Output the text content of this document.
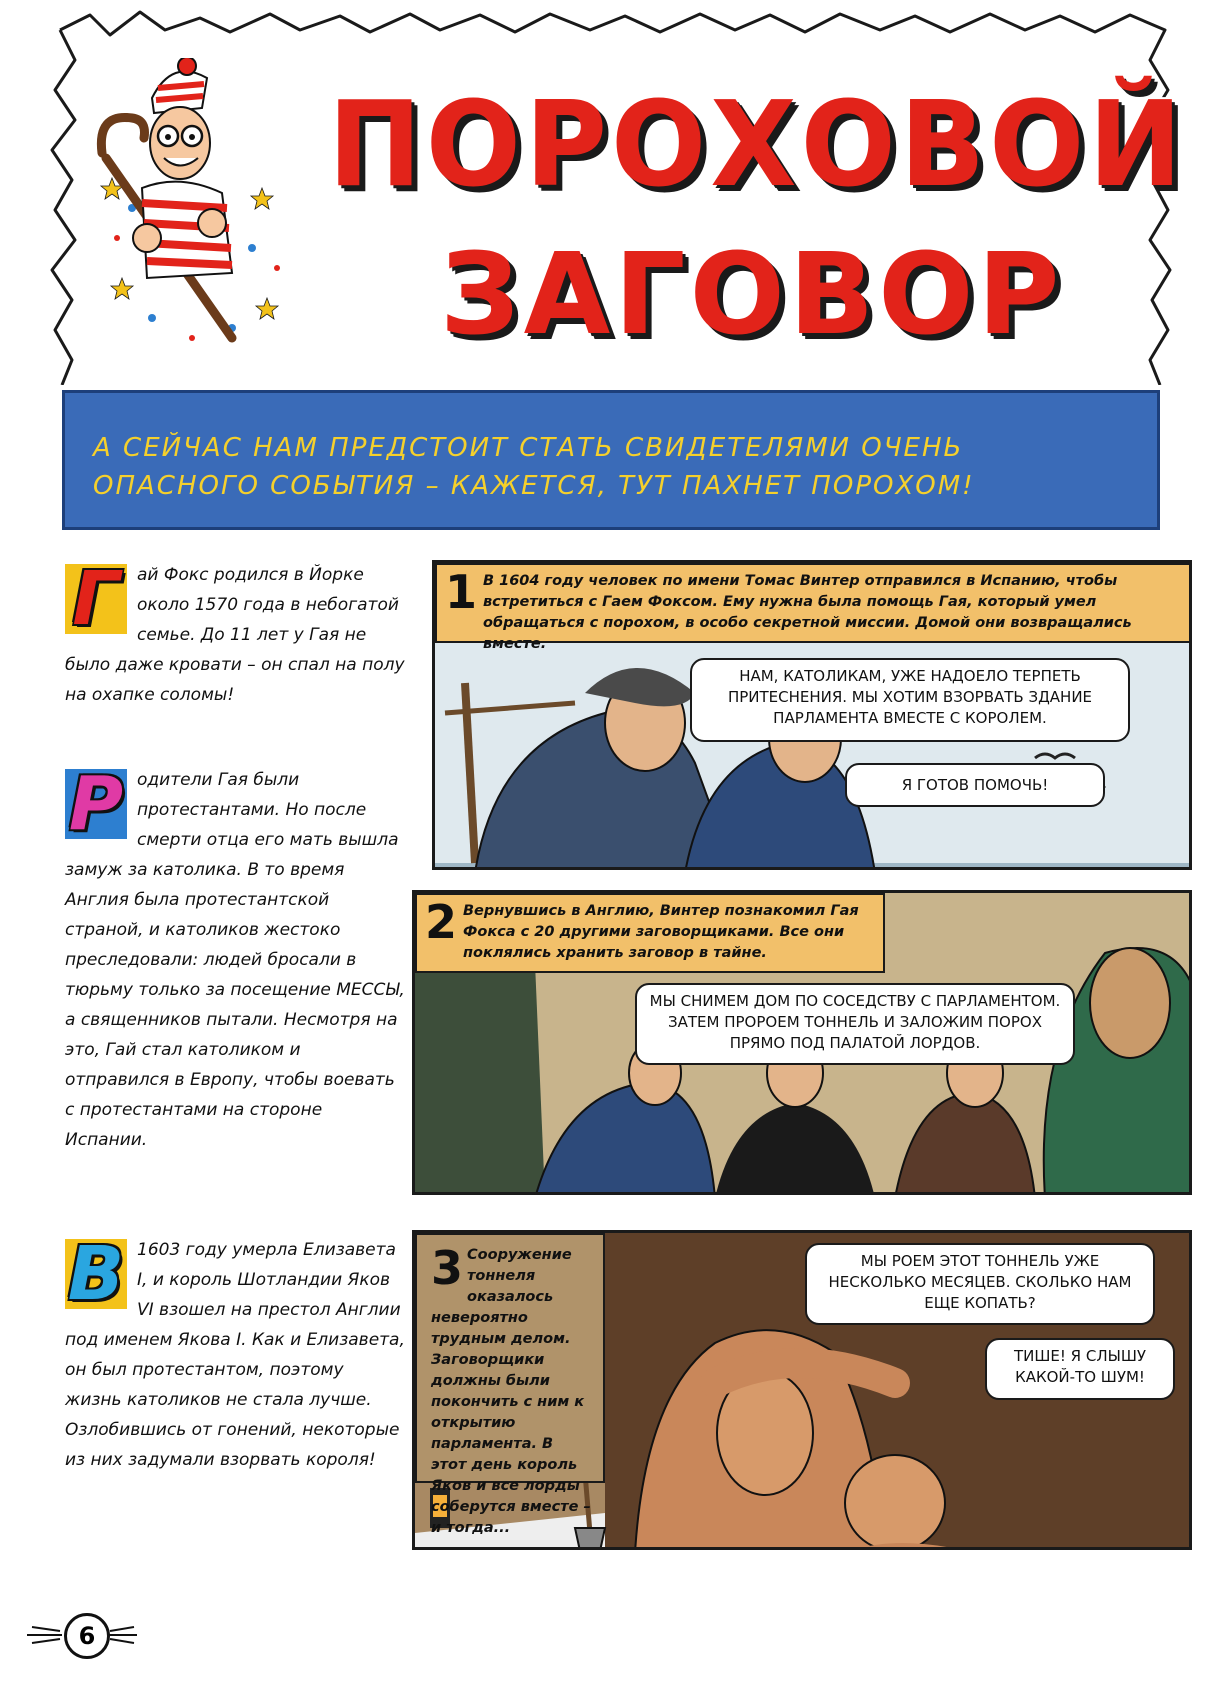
ПОРОХОВОЙ
ЗАГОВОР
А СЕЙЧАС НАМ ПРЕДСТОИТ СТАТЬ СВИДЕТЕЛЯМИ ОЧЕНЬ ОПАСНОГО СОБЫТИЯ – КАЖЕТСЯ, ТУТ ПАХНЕТ ПОРОХОМ!
Г	ай Фокс родился в Йорке около 1570 года в небогатой семье. До 11 лет у Гая не было даже кровати – он спал на полу на охапке соломы!
Р одители Гая были протестантами. Но после смерти отца его мать вышла замуж за католика. В то время Англия была протестантской страной, и католиков жестоко преследовали: людей бросали в тюрьму только за посещение МЕССЫ, а священников пытали. Несмотря на это, Гай стал католиком и отправился в Европу, чтобы воевать с протестантами на стороне Испании.
В 1603 году умерла Елизавета I, и король Шотландии Яков VI взошел на престол Англии под именем Якова I. Как и Елизавета, он был протестантом, поэтому жизнь католиков не стала лучше. Озлобившись от гонений, некоторые из них задумали взорвать короля!
1 В 1604 году человек по имени Томас Винтер отправился в Испанию, чтобы встретиться с Гаем Фоксом. Ему нужна была помощь Гая, который умел обращаться с порохом, в особо секретной миссии. Домой они возвращались вместе.
НАМ, КАТОЛИКАМ, УЖЕ НАДОЕЛО ТЕРПЕТЬ ПРИТЕСНЕНИЯ. МЫ ХОТИМ ВЗОРВАТЬ ЗДАНИЕ ПАРЛАМЕНТА ВМЕСТЕ С КОРОЛЕМ.
Я ГОТОВ ПОМОЧЬ!
2 Вернувшись в Англию, Винтер познакомил Гая Фокса с 20 другими заговорщиками. Все они поклялись хранить заговор в тайне.
МЫ СНИМЕМ ДОМ ПО СОСЕДСТВУ С ПАРЛАМЕНТОМ. ЗАТЕМ ПРОРОЕМ ТОННЕЛЬ И ЗАЛОЖИМ ПОРОХ ПРЯМО ПОД ПАЛАТОЙ ЛОРДОВ.
3 Сооружение тоннеля оказалось невероятно трудным делом. Заговорщики должны были покончить с ним к открытию парламента. В этот день король Яков и все лорды соберутся вместе – и тогда...
МЫ РОЕМ ЭТОТ ТОННЕЛЬ УЖЕ НЕСКОЛЬКО МЕСЯЦЕВ. СКОЛЬКО НАМ ЕЩЕ КОПАТЬ?
ТИШЕ! Я СЛЫШУ КАКОЙ-ТО ШУМ!
6
